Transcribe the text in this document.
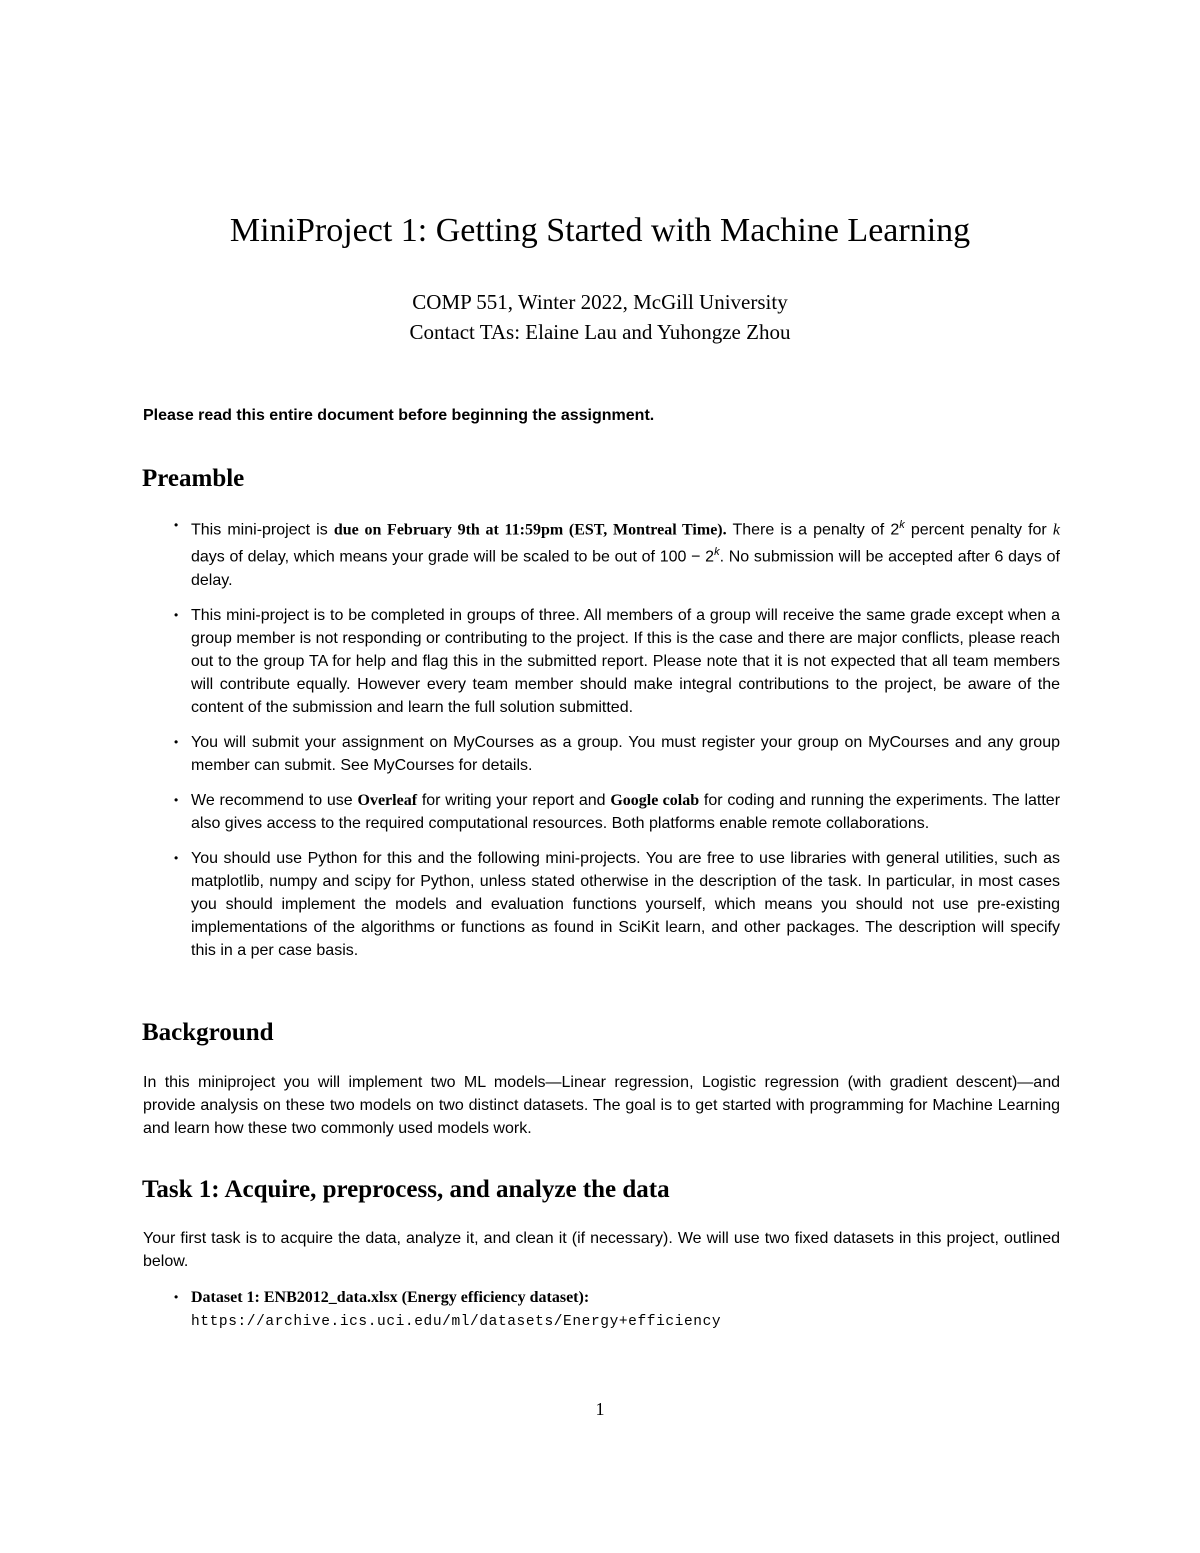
MiniProject 1: Getting Started with Machine Learning
COMP 551, Winter 2022, McGill University
Contact TAs: Elaine Lau and Yuhongze Zhou
Please read this entire document before beginning the assignment.
Preamble
• This mini-project is due on February 9th at 11:59pm (EST, Montreal Time). There is a penalty of 2$^k$ percent penalty for k days of delay, which means your grade will be scaled to be out of $100 - 2^k$. No submission will be accepted after 6 days of delay.
• This mini-project is to be completed in groups of three. All members of a group will receive the same grade except when a group member is not responding or contributing to the project. If this is the case and there are major conflicts, please reach out to the group TA for help and flag this in the submitted report. Please note that it is not expected that all team members will contribute equally. However every team member should make integral contributions to the project, be aware of the content of the submission and learn the full solution submitted.
• You will submit your assignment on MyCourses as a group. You must register your group on MyCourses and any group member can submit. See MyCourses for details.
• We recommend to use Overleaf for writing your report and Google colab for coding and running the experiments. The latter also gives access to the required computational resources. Both platforms enable remote collaborations.
• You should use Python for this and the following mini-projects. You are free to use libraries with general utilities, such as matplotlib, numpy and scipy for Python, unless stated otherwise in the description of the task. In particular, in most cases you should implement the models and evaluation functions yourself, which means you should not use pre-existing implementations of the algorithms or functions as found in SciKit learn, and other packages. The description will specify this in a per case basis.
Background
In this miniproject you will implement two ML models—Linear regression, Logistic regression (with gradient descent)—and provide analysis on these two models on two distinct datasets. The goal is to get started with programming for Machine Learning and learn how these two commonly used models work.
Task 1: Acquire, preprocess, and analyze the data
Your first task is to acquire the data, analyze it, and clean it (if necessary). We will use two fixed datasets in this project, outlined below.
• Dataset 1: ENB2012_data.xlsx (Energy efficiency dataset):
https://archive.ics.uci.edu/ml/datasets/Energy+efficiency
1
